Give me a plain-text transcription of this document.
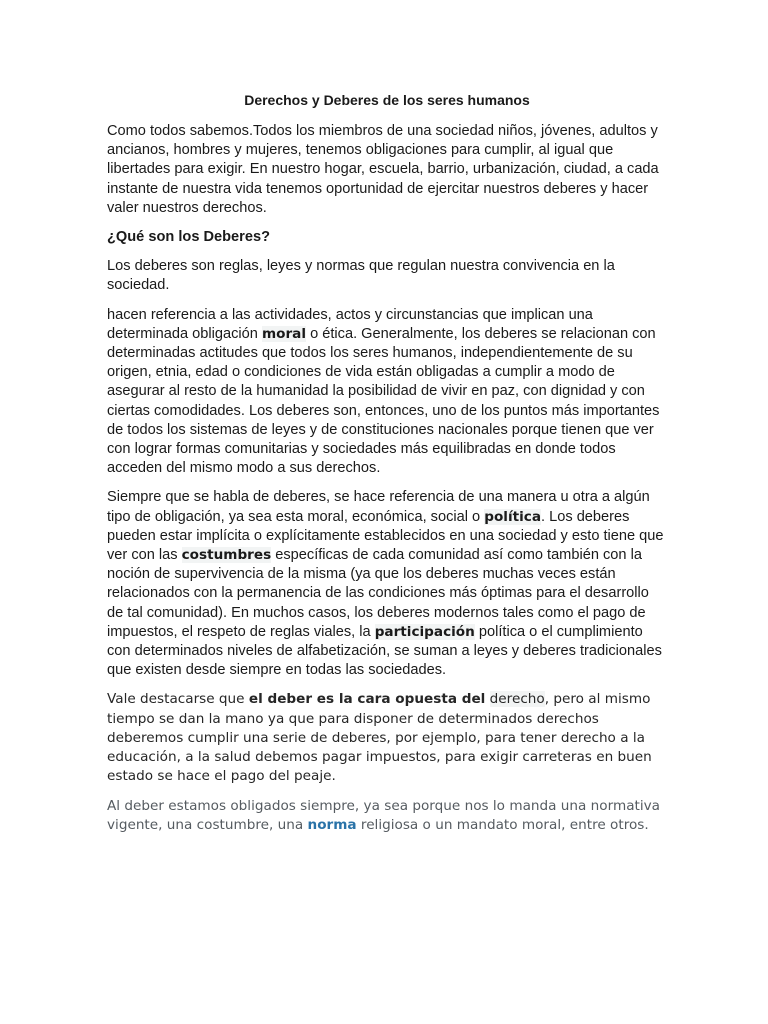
Derechos y Deberes de los seres humanos

Como todos sabemos.Todos los miembros de una sociedad niños, jóvenes, adultos y ancianos, hombres y mujeres, tenemos obligaciones para cumplir, al igual que libertades para exigir. En nuestro hogar, escuela, barrio, urbanización, ciudad, a cada instante de nuestra vida tenemos oportunidad de ejercitar nuestros deberes y hacer valer nuestros derechos.

¿Qué son los Deberes?

Los deberes son reglas, leyes y normas que regulan nuestra convivencia en la sociedad.

hacen referencia a las actividades, actos y circunstancias que implican una determinada obligación moral o ética. Generalmente, los deberes se relacionan con determinadas actitudes que todos los seres humanos, independientemente de su origen, etnia, edad o condiciones de vida están obligadas a cumplir a modo de asegurar al resto de la humanidad la posibilidad de vivir en paz, con dignidad y con ciertas comodidades. Los deberes son, entonces, uno de los puntos más importantes de todos los sistemas de leyes y de constituciones nacionales porque tienen que ver con lograr formas comunitarias y sociedades más equilibradas en donde todos acceden del mismo modo a sus derechos.

Siempre que se habla de deberes, se hace referencia de una manera u otra a algún tipo de obligación, ya sea esta moral, económica, social o política. Los deberes pueden estar implícita o explícitamente establecidos en una sociedad y esto tiene que ver con las costumbres específicas de cada comunidad así como también con la noción de supervivencia de la misma (ya que los deberes muchas veces están relacionados con la permanencia de las condiciones más óptimas para el desarrollo de tal comunidad). En muchos casos, los deberes modernos tales como el pago de impuestos, el respeto de reglas viales, la participación política o el cumplimiento con determinados niveles de alfabetización, se suman a leyes y deberes tradicionales que existen desde siempre en todas las sociedades.

Vale destacarse que el deber es la cara opuesta del derecho, pero al mismo tiempo se dan la mano ya que para disponer de determinados derechos deberemos cumplir una serie de deberes, por ejemplo, para tener derecho a la educación, a la salud debemos pagar impuestos, para exigir carreteras en buen estado se hace el pago del peaje.

Al deber estamos obligados siempre, ya sea porque nos lo manda una normativa vigente, una costumbre, una norma religiosa o un mandato moral, entre otros.
